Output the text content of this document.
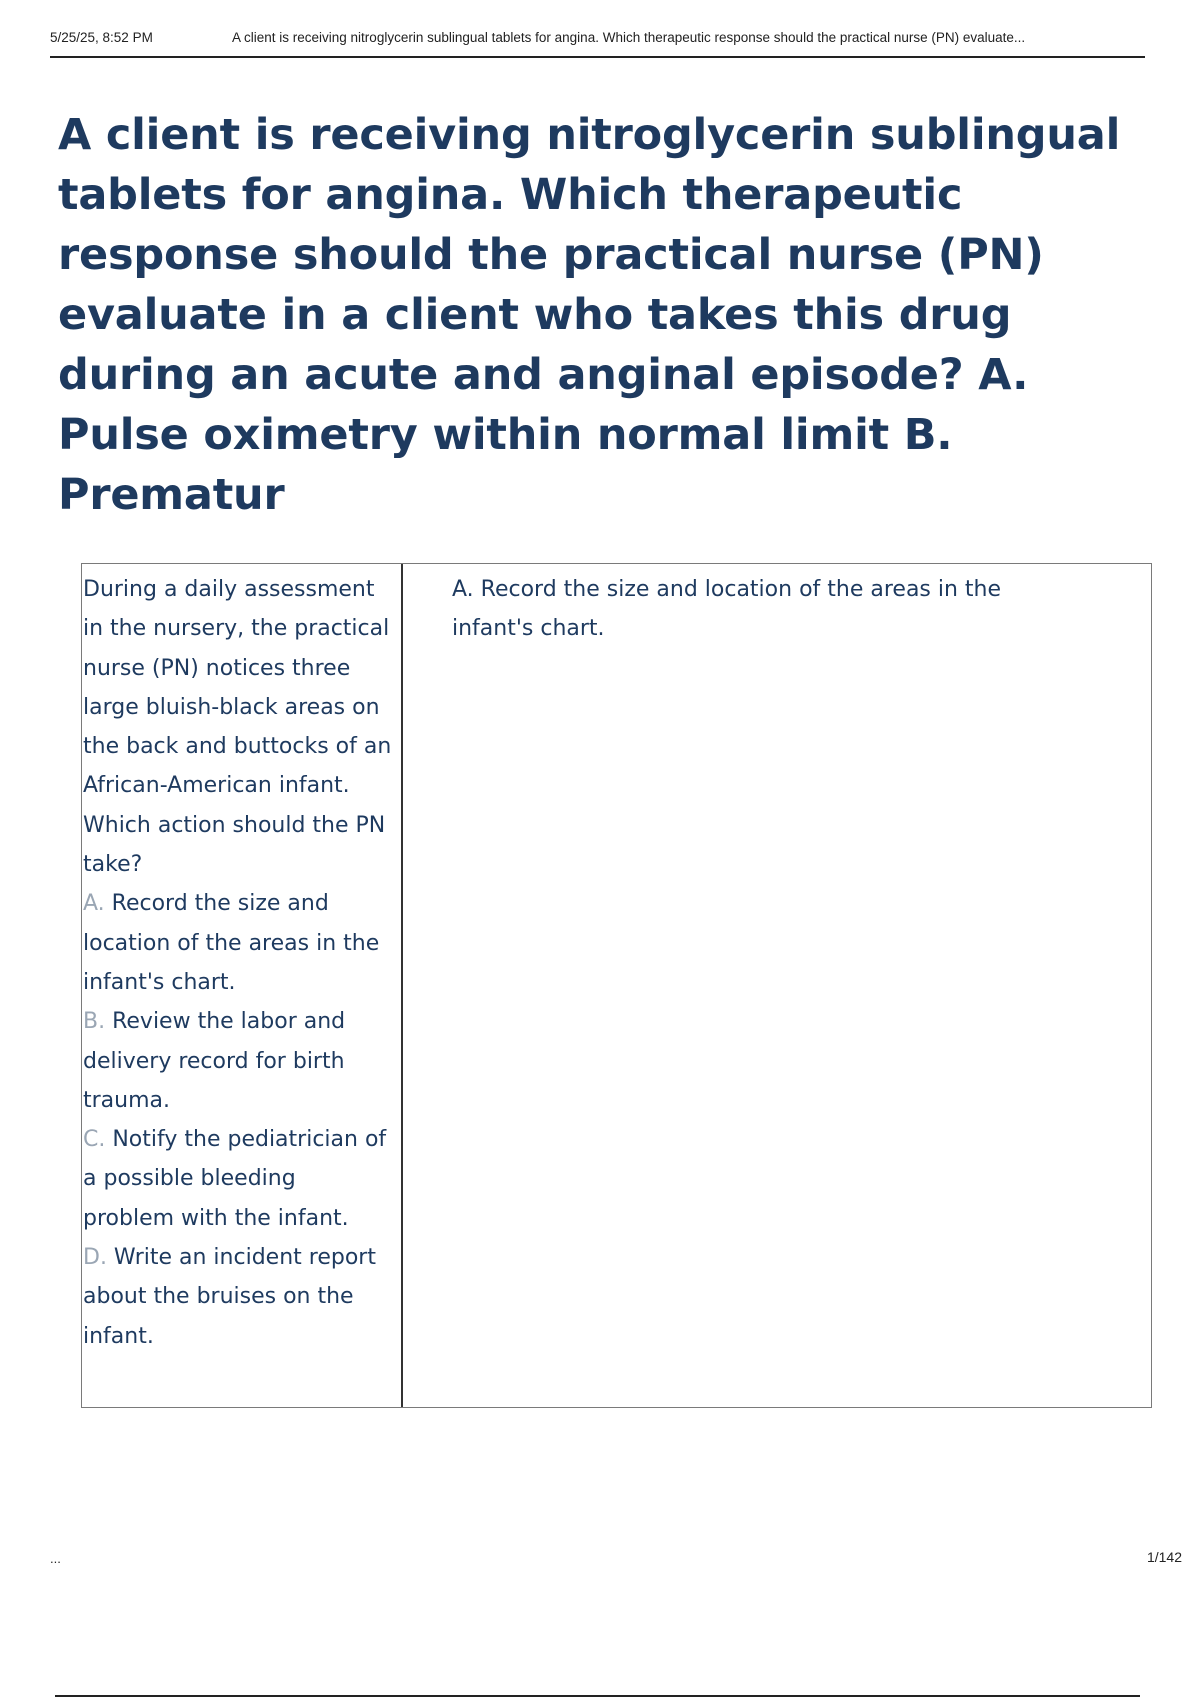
5/25/25, 8:52 PM	A client is receiving nitroglycerin sublingual tablets for angina. Which therapeutic response should the practical nurse (PN) evaluate...
A client is receiving nitroglycerin sublingual tablets for angina. Which therapeutic response should the practical nurse (PN) evaluate in a client who takes this drug during an acute and anginal episode? A. Pulse oximetry within normal limit B. Prematur
During a daily assessment in the nursery, the practical nurse (PN) notices three large bluish-black areas on the back and buttocks of an African-American infant. Which action should the PN take?
A. Record the size and location of the areas in the infant's chart.
B. Review the labor and delivery record for birth trauma.
C. Notify the pediatrician of a possible bleeding problem with the infant.
D. Write an incident report about the bruises on the infant.
A. Record the size and location of the areas in the infant's chart.
...	1/142
